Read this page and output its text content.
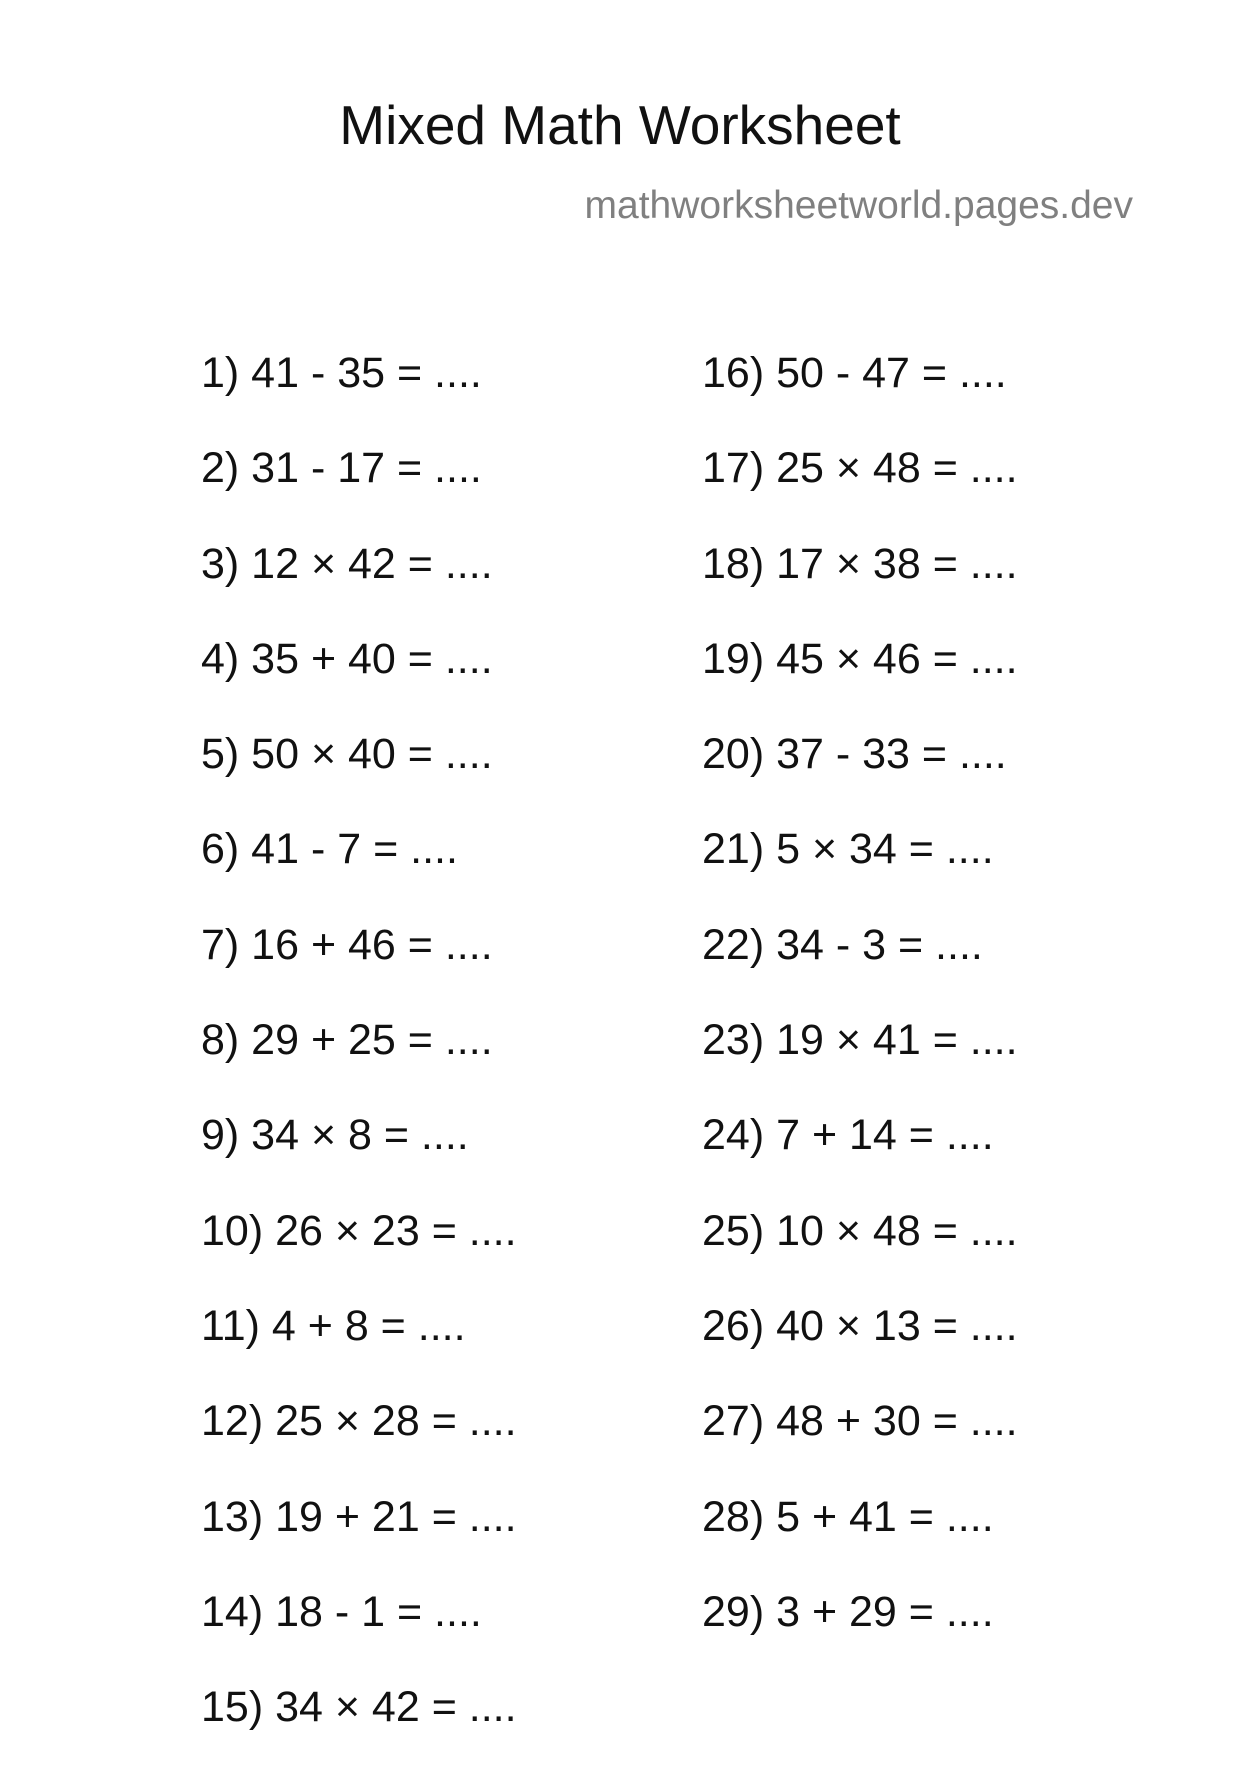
Mixed Math Worksheet
mathworksheetworld.pages.dev
1) 41 - 35 = ....
2) 31 - 17 = ....
3) 12 × 42 = ....
4) 35 + 40 = ....
5) 50 × 40 = ....
6) 41 - 7 = ....
7) 16 + 46 = ....
8) 29 + 25 = ....
9) 34 × 8 = ....
10) 26 × 23 = ....
11) 4 + 8 = ....
12) 25 × 28 = ....
13) 19 + 21 = ....
14) 18 - 1 = ....
15) 34 × 42 = ....
16) 50 - 47 = ....
17) 25 × 48 = ....
18) 17 × 38 = ....
19) 45 × 46 = ....
20) 37 - 33 = ....
21) 5 × 34 = ....
22) 34 - 3 = ....
23) 19 × 41 = ....
24) 7 + 14 = ....
25) 10 × 48 = ....
26) 40 × 13 = ....
27) 48 + 30 = ....
28) 5 + 41 = ....
29) 3 + 29 = ....
